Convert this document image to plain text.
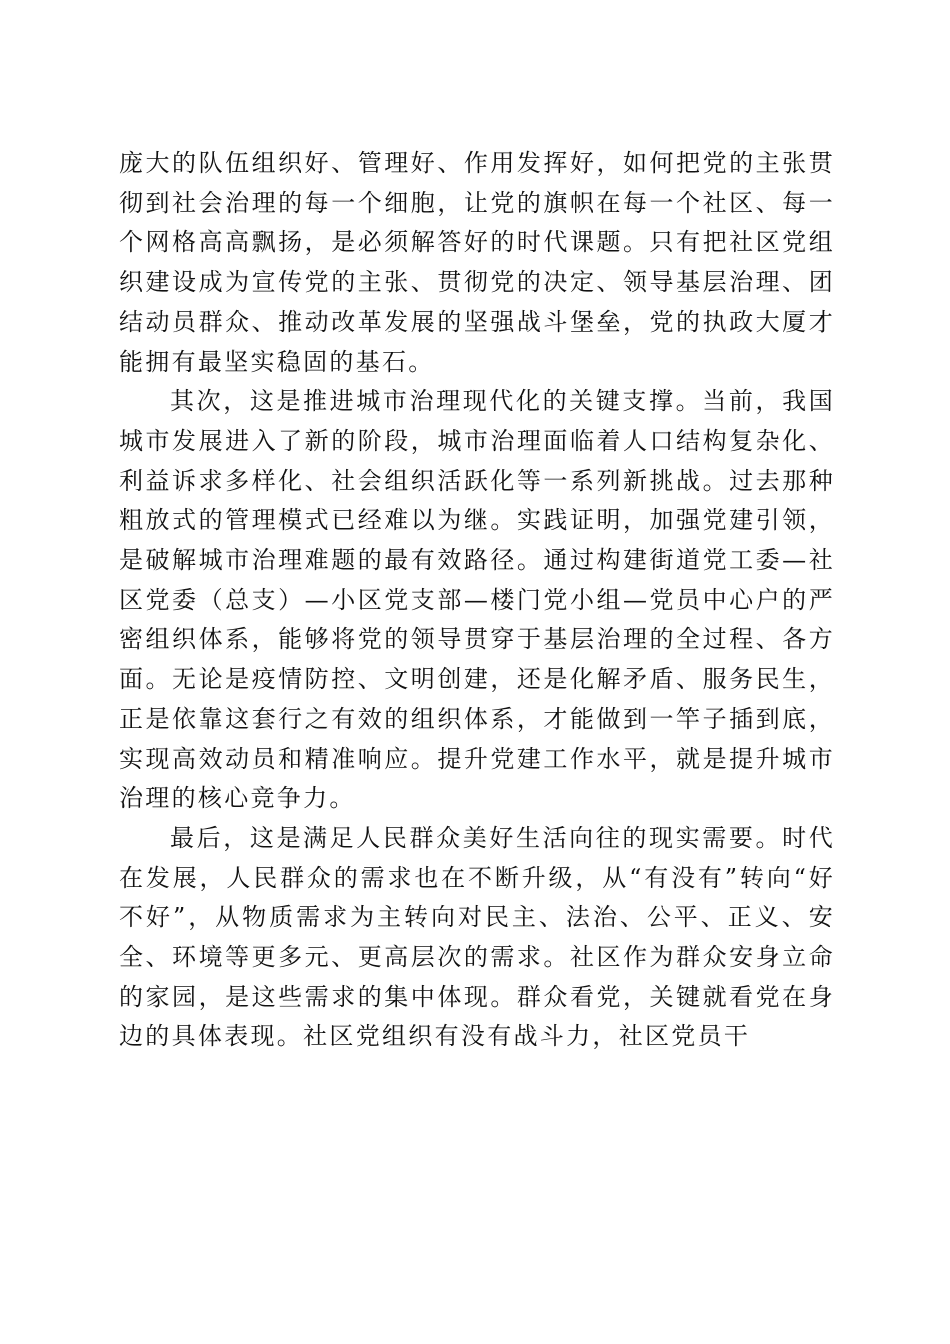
庞大的队伍组织好、管理好、作用发挥好，如何把党的主张贯彻到社会治理的每一个细胞，让党的旗帜在每一个社区、每一个网格高高飘扬，是必须解答好的时代课题。只有把社区党组织建设成为宣传党的主张、贯彻党的决定、领导基层治理、团结动员群众、推动改革发展的坚强战斗堡垒，党的执政大厦才能拥有最坚实稳固的基石。

其次，这是推进城市治理现代化的关键支撑。当前，我国城市发展进入了新的阶段，城市治理面临着人口结构复杂化、利益诉求多样化、社会组织活跃化等一系列新挑战。过去那种粗放式的管理模式已经难以为继。实践证明，加强党建引领，是破解城市治理难题的最有效路径。通过构建街道党工委—社区党委（总支）—小区党支部—楼门党小组—党员中心户的严密组织体系，能够将党的领导贯穿于基层治理的全过程、各方面。无论是疫情防控、文明创建，还是化解矛盾、服务民生，正是依靠这套行之有效的组织体系，才能做到一竿子插到底，实现高效动员和精准响应。提升党建工作水平，就是提升城市治理的核心竞争力。

最后，这是满足人民群众美好生活向往的现实需要。时代在发展，人民群众的需求也在不断升级，从“有没有”转向“好不好”，从物质需求为主转向对民主、法治、公平、正义、安全、环境等更多元、更高层次的需求。社区作为群众安身立命的家园，是这些需求的集中体现。群众看党，关键就看党在身边的具体表现。社区党组织有没有战斗力，社区党员干
